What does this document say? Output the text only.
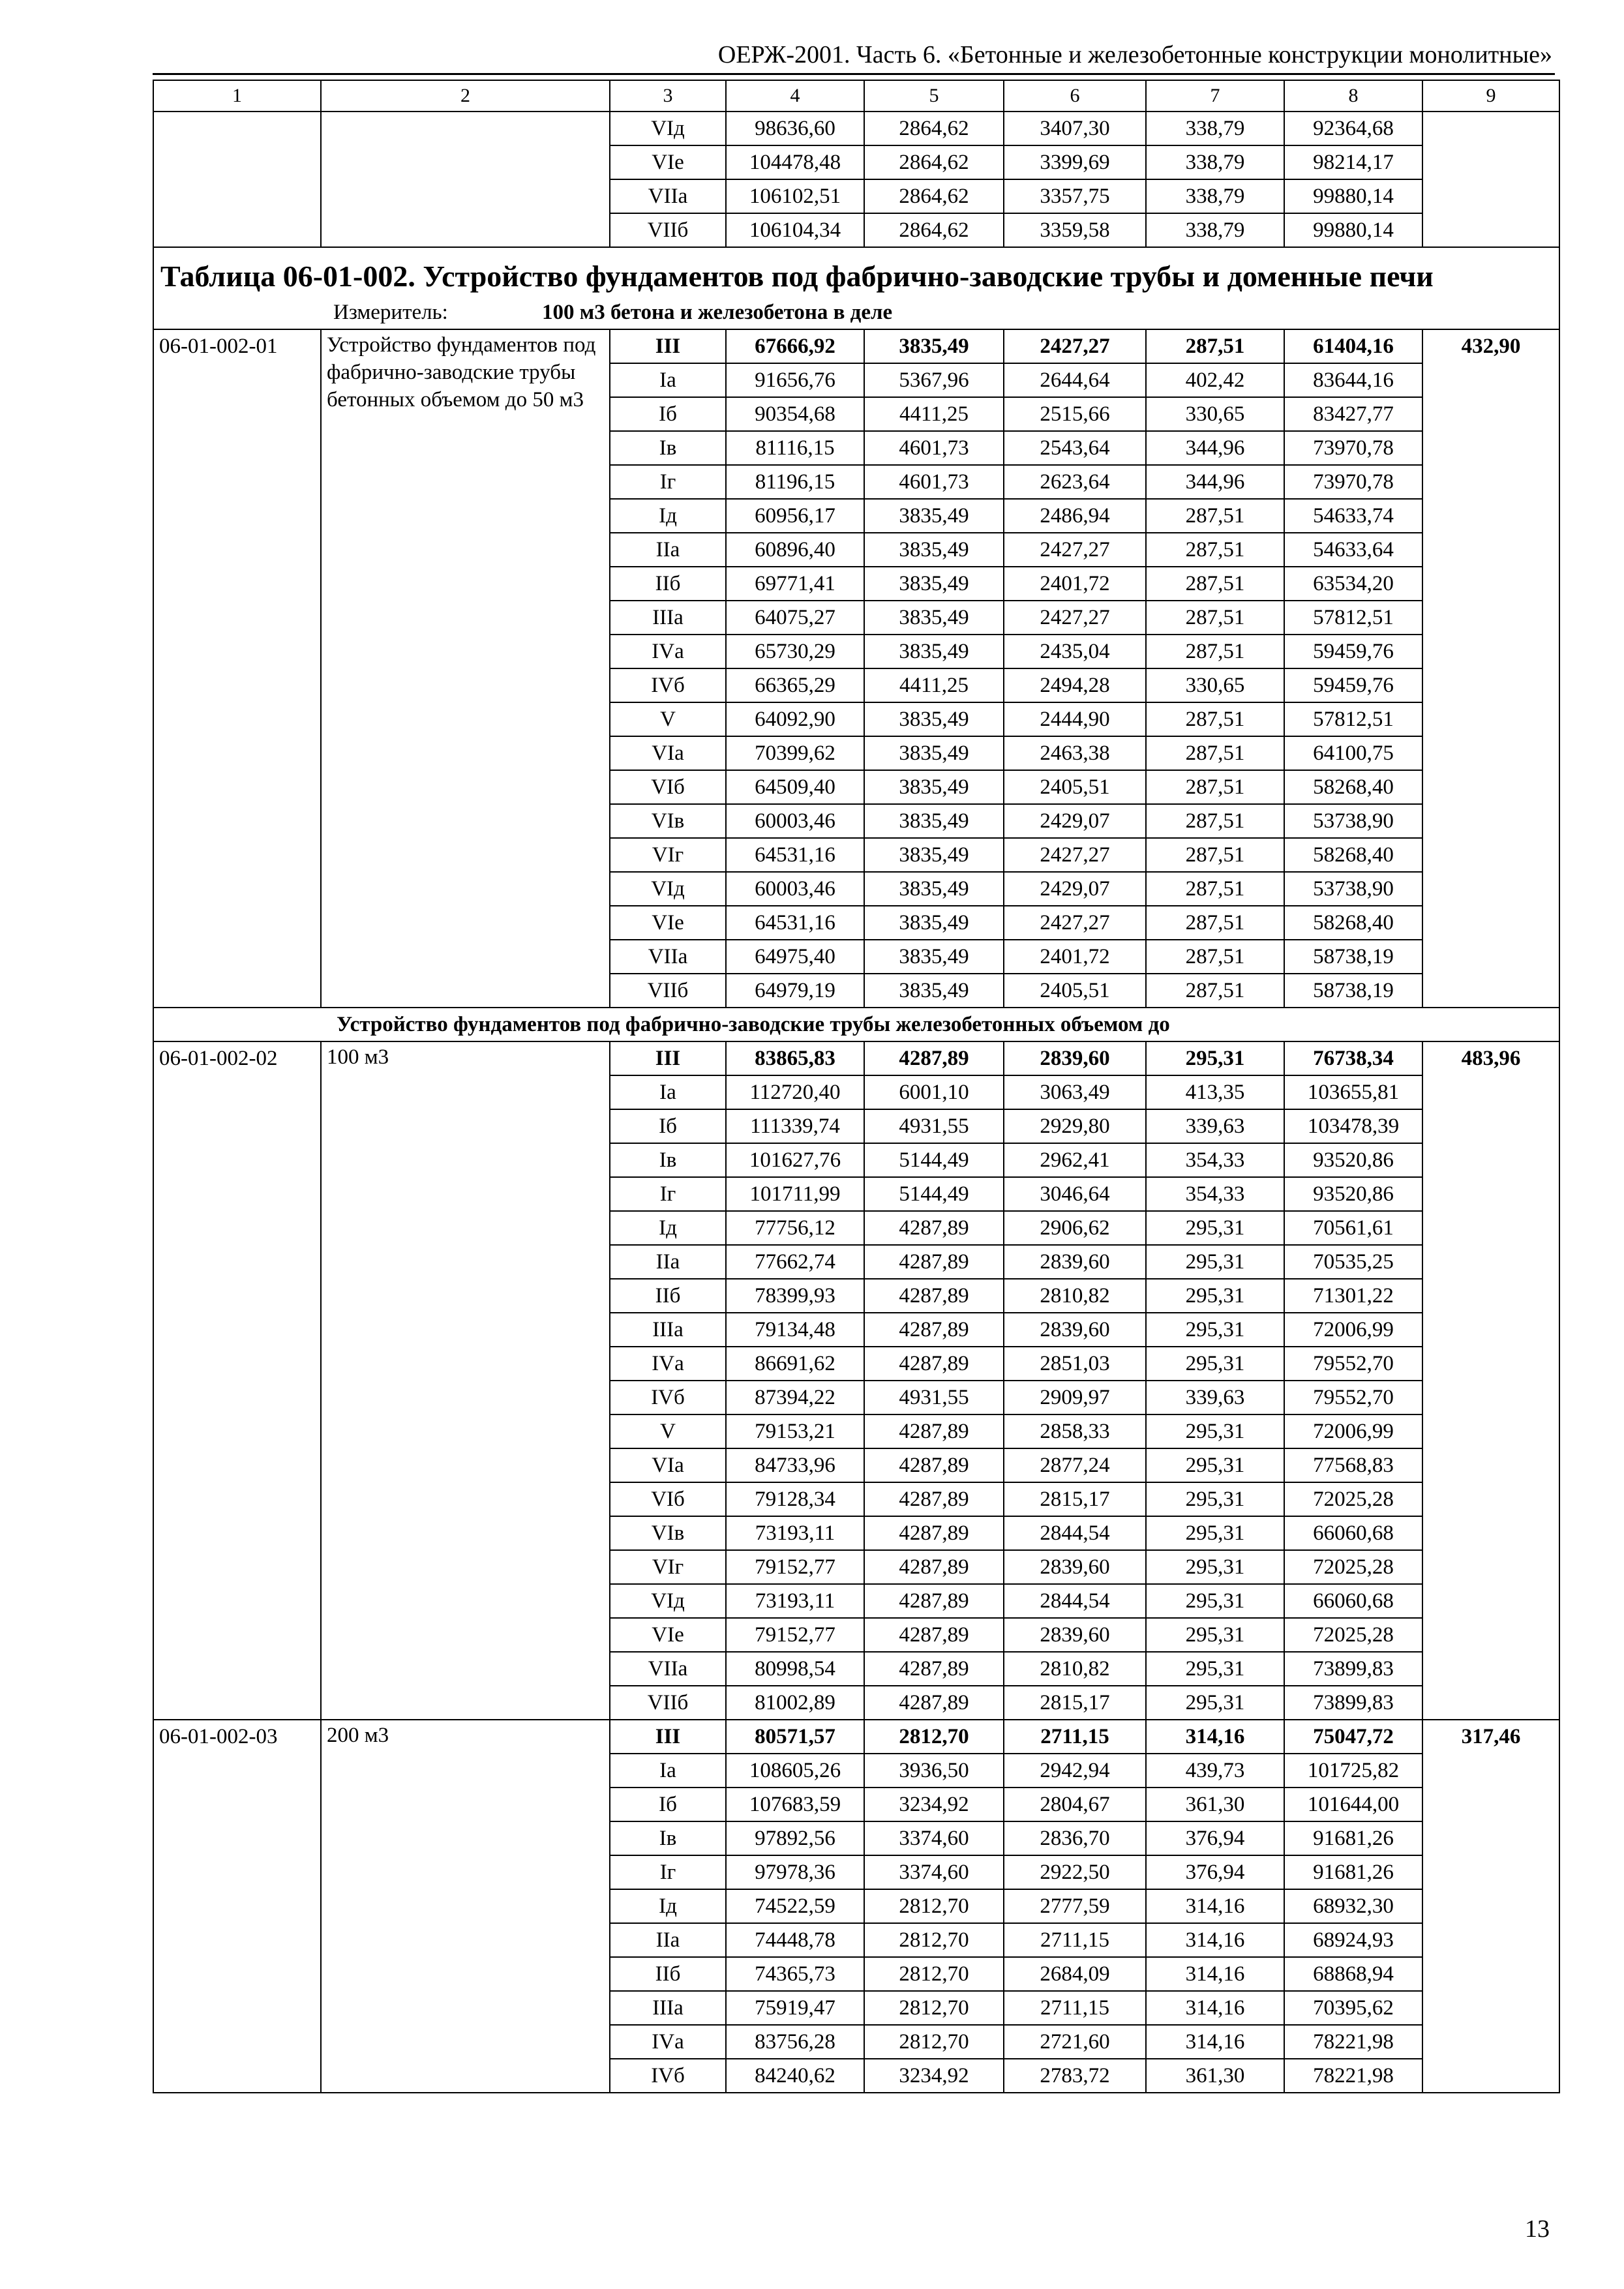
ОЕРЖ-2001. Часть 6. «Бетонные и железобетонные конструкции монолитные»
1	2	3	4	5	6	7	8	9
		VIд	98636,60	2864,62	3407,30	338,79	92364,68	
		VIе	104478,48	2864,62	3399,69	338,79	98214,17	
		VIIа	106102,51	2864,62	3357,75	338,79	99880,14	
		VIIб	106104,34	2864,62	3359,58	338,79	99880,14	
Таблица 06-01-002. Устройство фундаментов под фабрично-заводские трубы и доменные печи								
Измеритель: 100 м3 бетона и железобетона в деле								
06-01-002-01	Устройство фундаментов под фабрично-заводские трубы бетонных объемом до 50 м3	III	67666,92	3835,49	2427,27	287,51	61404,16	432,90
		Iа	91656,76	5367,96	2644,64	402,42	83644,16	
		Iб	90354,68	4411,25	2515,66	330,65	83427,77	
		Iв	81116,15	4601,73	2543,64	344,96	73970,78	
		Iг	81196,15	4601,73	2623,64	344,96	73970,78	
		Iд	60956,17	3835,49	2486,94	287,51	54633,74	
		IIа	60896,40	3835,49	2427,27	287,51	54633,64	
		IIб	69771,41	3835,49	2401,72	287,51	63534,20	
		IIIа	64075,27	3835,49	2427,27	287,51	57812,51	
		IVа	65730,29	3835,49	2435,04	287,51	59459,76	
		IVб	66365,29	4411,25	2494,28	330,65	59459,76	
		V	64092,90	3835,49	2444,90	287,51	57812,51	
		VIа	70399,62	3835,49	2463,38	287,51	64100,75	
		VIб	64509,40	3835,49	2405,51	287,51	58268,40	
		VIв	60003,46	3835,49	2429,07	287,51	53738,90	
		VIг	64531,16	3835,49	2427,27	287,51	58268,40	
		VIд	60003,46	3835,49	2429,07	287,51	53738,90	
		VIе	64531,16	3835,49	2427,27	287,51	58268,40	
		VIIа	64975,40	3835,49	2401,72	287,51	58738,19	
		VIIб	64979,19	3835,49	2405,51	287,51	58738,19	
Устройство фундаментов под фабрично-заводские трубы железобетонных объемом до								
06-01-002-02	100 м3	III	83865,83	4287,89	2839,60	295,31	76738,34	483,96
		Iа	112720,40	6001,10	3063,49	413,35	103655,81	
		Iб	111339,74	4931,55	2929,80	339,63	103478,39	
		Iв	101627,76	5144,49	2962,41	354,33	93520,86	
		Iг	101711,99	5144,49	3046,64	354,33	93520,86	
		Iд	77756,12	4287,89	2906,62	295,31	70561,61	
		IIа	77662,74	4287,89	2839,60	295,31	70535,25	
		IIб	78399,93	4287,89	2810,82	295,31	71301,22	
		IIIа	79134,48	4287,89	2839,60	295,31	72006,99	
		IVа	86691,62	4287,89	2851,03	295,31	79552,70	
		IVб	87394,22	4931,55	2909,97	339,63	79552,70	
		V	79153,21	4287,89	2858,33	295,31	72006,99	
		VIа	84733,96	4287,89	2877,24	295,31	77568,83	
		VIб	79128,34	4287,89	2815,17	295,31	72025,28	
		VIв	73193,11	4287,89	2844,54	295,31	66060,68	
		VIг	79152,77	4287,89	2839,60	295,31	72025,28	
		VIд	73193,11	4287,89	2844,54	295,31	66060,68	
		VIе	79152,77	4287,89	2839,60	295,31	72025,28	
		VIIа	80998,54	4287,89	2810,82	295,31	73899,83	
		VIIб	81002,89	4287,89	2815,17	295,31	73899,83	
06-01-002-03	200 м3	III	80571,57	2812,70	2711,15	314,16	75047,72	317,46
		Iа	108605,26	3936,50	2942,94	439,73	101725,82	
		Iб	107683,59	3234,92	2804,67	361,30	101644,00	
		Iв	97892,56	3374,60	2836,70	376,94	91681,26	
		Iг	97978,36	3374,60	2922,50	376,94	91681,26	
		Iд	74522,59	2812,70	2777,59	314,16	68932,30	
		IIа	74448,78	2812,70	2711,15	314,16	68924,93	
		IIб	74365,73	2812,70	2684,09	314,16	68868,94	
		IIIа	75919,47	2812,70	2711,15	314,16	70395,62	
		IVа	83756,28	2812,70	2721,60	314,16	78221,98	
		IVб	84240,62	3234,92	2783,72	361,30	78221,98	
13
